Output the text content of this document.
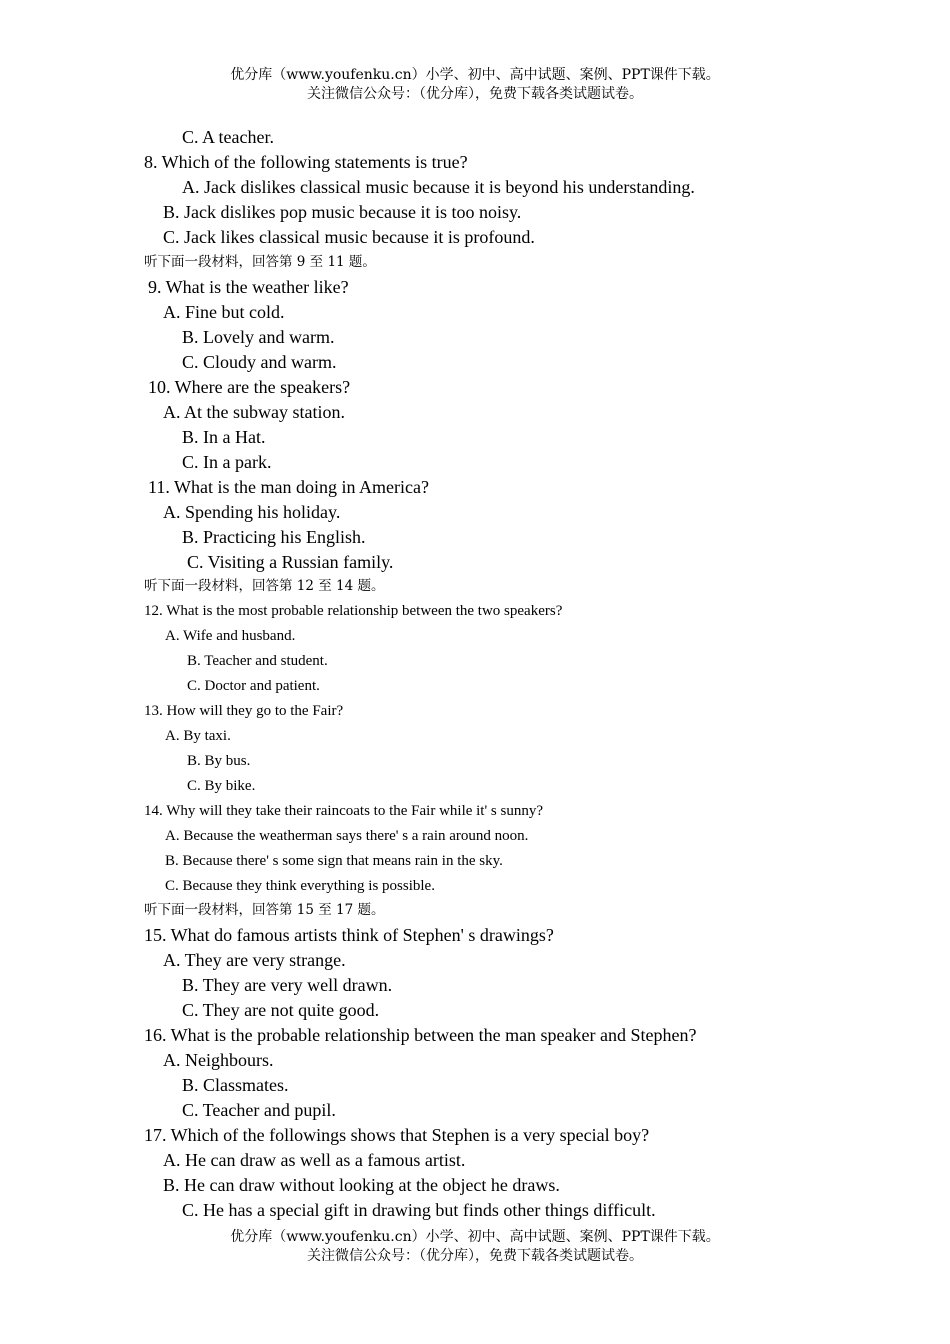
优分库（www.youfenku.cn）小学、初中、高中试题、案例、PPT课件下载。
关注微信公众号：（优分库），免费下载各类试题试卷。
C. A teacher.
8. Which of the following statements is true?
A. Jack dislikes classical music because it is beyond his understanding.
B. Jack dislikes pop music because it is too noisy.
C. Jack likes classical music because it is profound.
听下面一段材料，回答第 9 至 11 题。
9. What is the weather like?
A. Fine but cold.
B. Lovely and warm.
C. Cloudy and warm.
10. Where are the speakers?
A. At the subway station.
B. In a Hat.
C. In a park.
11. What is the man doing in America?
A. Spending his holiday.
B. Practicing his English.
C. Visiting a Russian family.
听下面一段材料，回答第 12 至 14 题。
12. What is the most probable relationship between the two speakers?
A. Wife and husband.
B. Teacher and student.
C. Doctor and patient.
13. How will they go to the Fair?
A. By taxi.
B. By bus.
C. By bike.
14. Why will they take their raincoats to the Fair while it' s sunny?
A. Because the weatherman says there' s a rain around noon.
B. Because there' s some sign that means rain in the sky.
C. Because they think everything is possible.
听下面一段材料，回答第 15 至 17 题。
15. What do famous artists think of Stephen' s drawings?
A. They are very strange.
B. They are very well drawn.
C. They are not quite good.
16. What is the probable relationship between the man speaker and Stephen?
A. Neighbours.
B. Classmates.
C. Teacher and pupil.
17. Which of the followings shows that Stephen is a very special boy?
A. He can draw as well as a famous artist.
B. He can draw without looking at the object he draws.
C. He has a special gift in drawing but finds other things difficult.
优分库（www.youfenku.cn）小学、初中、高中试题、案例、PPT课件下载。
关注微信公众号：（优分库），免费下载各类试题试卷。
